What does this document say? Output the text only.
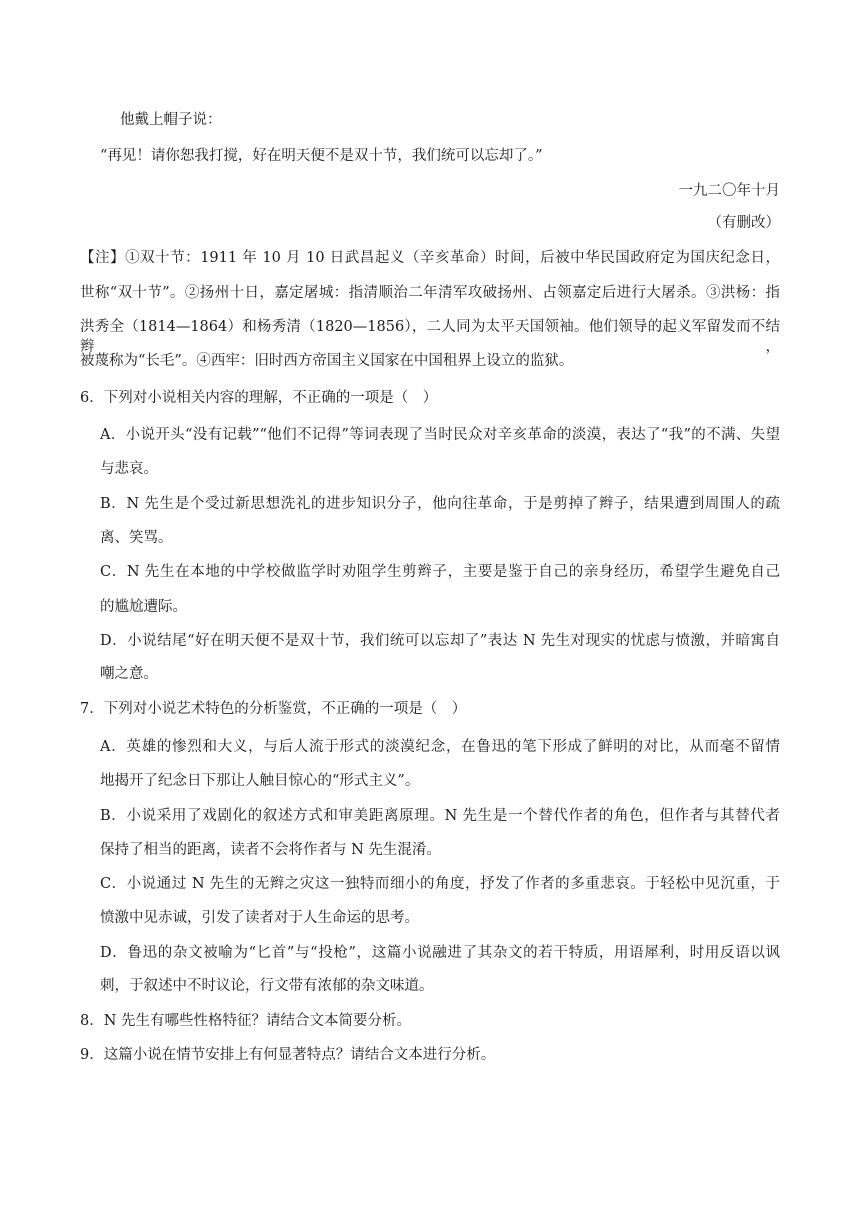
他戴上帽子说：
“再见！请你恕我打搅，好在明天便不是双十节，我们统可以忘却了。”
一九二〇年十月
（有删改）
【注】①双十节：1911 年 10 月 10 日武昌起义（辛亥革命）时间，后被中华民国政府定为国庆纪念日，
世称“双十节”。②扬州十日，嘉定屠城：指清顺治二年清军攻破扬州、占领嘉定后进行大屠杀。③洪杨：指
洪秀全（1814—1864）和杨秀清（1820—1856），二人同为太平天国领袖。他们领导的起义军留发而不结辫，
被蔑称为“长毛”。④西牢：旧时西方帝国主义国家在中国租界上设立的监狱。
6．下列对小说相关内容的理解，不正确的一项是（　）
A．小说开头“没有记载”“他们不记得”等词表现了当时民众对辛亥革命的淡漠，表达了“我”的不满、失望
与悲哀。
B．N 先生是个受过新思想洗礼的进步知识分子，他向往革命，于是剪掉了辫子，结果遭到周围人的疏
离、笑骂。
C．N 先生在本地的中学校做监学时劝阻学生剪辫子，主要是鉴于自己的亲身经历，希望学生避免自己
的尴尬遭际。
D．小说结尾“好在明天便不是双十节，我们统可以忘却了”表达 N 先生对现实的忧虑与愤激，并暗寓自
嘲之意。
7．下列对小说艺术特色的分析鉴赏，不正确的一项是（　）
A．英雄的惨烈和大义，与后人流于形式的淡漠纪念，在鲁迅的笔下形成了鲜明的对比，从而毫不留情
地揭开了纪念日下那让人触目惊心的“形式主义”。
B．小说采用了戏剧化的叙述方式和审美距离原理。N 先生是一个替代作者的角色，但作者与其替代者
保持了相当的距离，读者不会将作者与 N 先生混淆。
C．小说通过 N 先生的无辫之灾这一独特而细小的角度，抒发了作者的多重悲哀。于轻松中见沉重，于
愤激中见赤诚，引发了读者对于人生命运的思考。
D．鲁迅的杂文被喻为“匕首”与“投枪”，这篇小说融进了其杂文的若干特质，用语犀利，时用反语以讽
刺，于叙述中不时议论，行文带有浓郁的杂文味道。
8．N 先生有哪些性格特征？请结合文本简要分析。
9．这篇小说在情节安排上有何显著特点？请结合文本进行分析。
